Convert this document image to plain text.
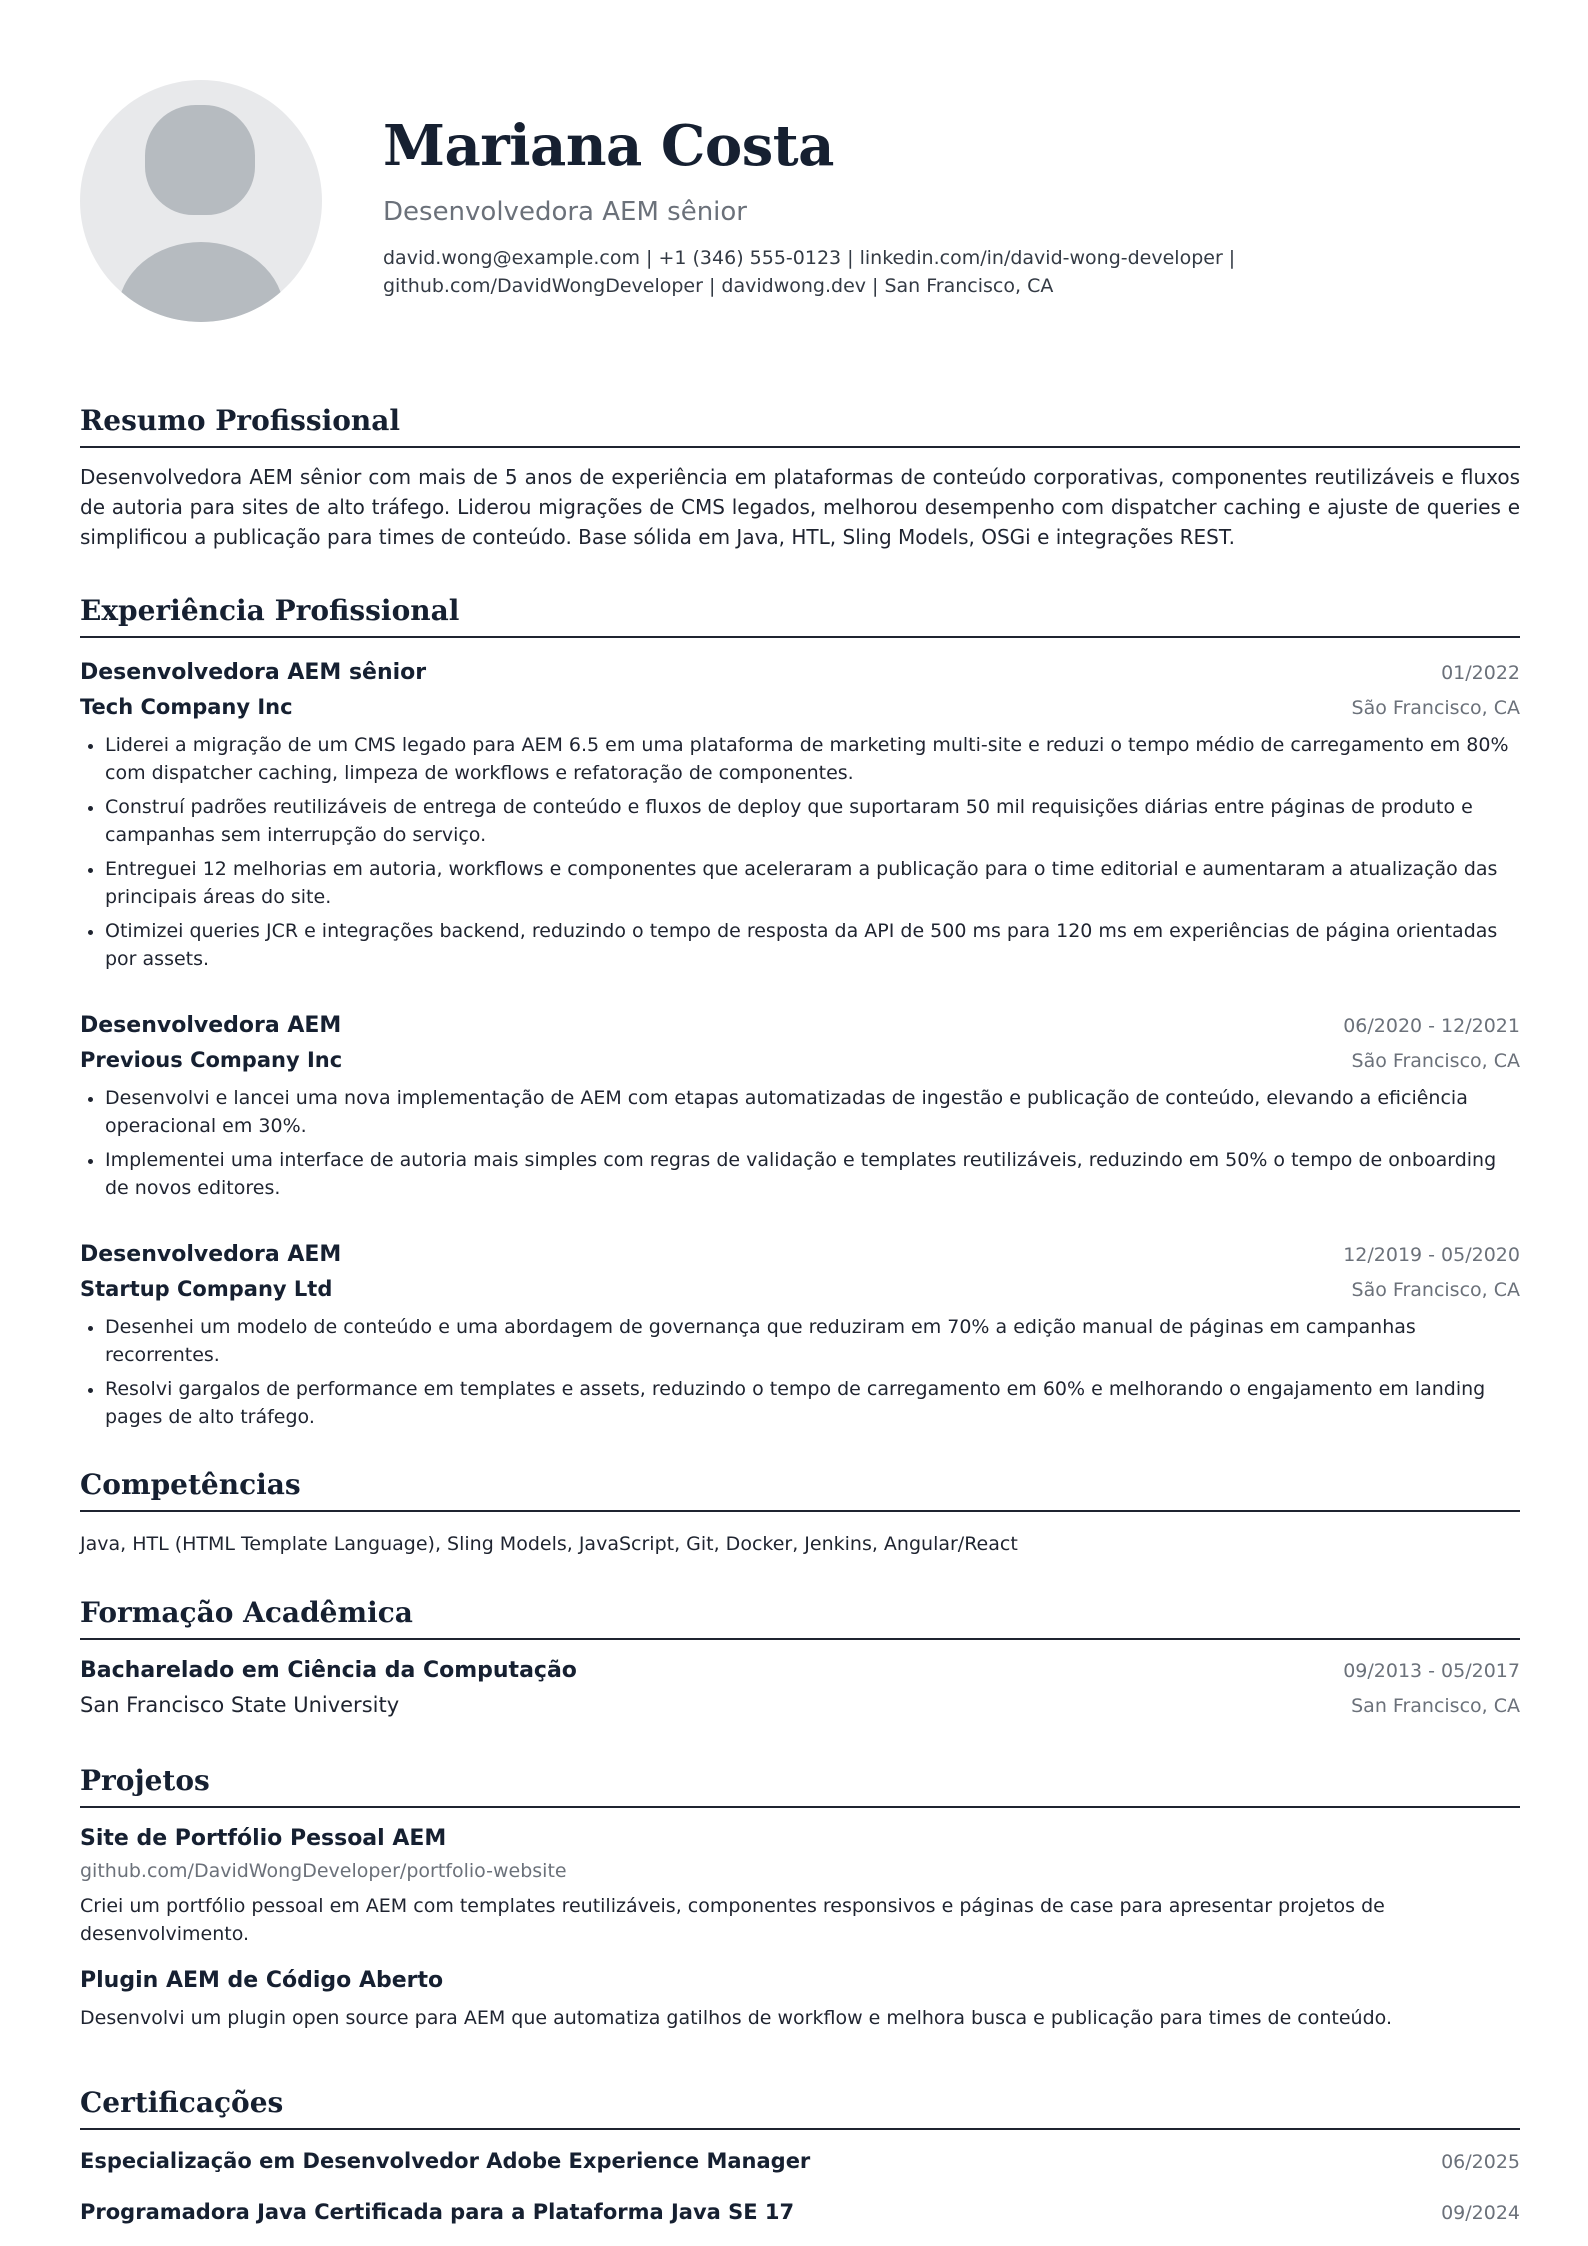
Mariana Costa
Desenvolvedora AEM sênior
david.wong@example.com | +1 (346) 555-0123 | linkedin.com/in/david-wong-developer |
github.com/DavidWongDeveloper | davidwong.dev | San Francisco, CA
Resumo Profissional

Desenvolvedora AEM sênior com mais de 5 anos de experiência em plataformas de conteúdo corporativas, componentes reutilizáveis e fluxos de autoria para sites de alto tráfego. Liderou migrações de CMS legados, melhorou desempenho com dispatcher caching e ajuste de queries e simplificou a publicação para times de conteúdo. Base sólida em Java, HTL, Sling Models, OSGi e integrações REST.

Experiência Profissional
Desenvolvedora AEM sênior	01/2022
Tech Company Inc	São Francisco, CA
Liderei a migração de um CMS legado para AEM 6.5 em uma plataforma de marketing multi-site e reduzi o tempo médio de carregamento em 80% com dispatcher caching, limpeza de workflows e refatoração de componentes.
Construí padrões reutilizáveis de entrega de conteúdo e fluxos de deploy que suportaram 50 mil requisições diárias entre páginas de produto e campanhas sem interrupção do serviço.
Entreguei 12 melhorias em autoria, workflows e componentes que aceleraram a publicação para o time editorial e aumentaram a atualização das principais áreas do site.
Otimizei queries JCR e integrações backend, reduzindo o tempo de resposta da API de 500 ms para 120 ms em experiências de página orientadas por assets.
Desenvolvedora AEM	06/2020 - 12/2021
Previous Company Inc	São Francisco, CA
Desenvolvi e lancei uma nova implementação de AEM com etapas automatizadas de ingestão e publicação de conteúdo, elevando a eficiência operacional em 30%.
Implementei uma interface de autoria mais simples com regras de validação e templates reutilizáveis, reduzindo em 50% o tempo de onboarding de novos editores.
Desenvolvedora AEM	12/2019 - 05/2020
Startup Company Ltd	São Francisco, CA
Desenhei um modelo de conteúdo e uma abordagem de governança que reduziram em 70% a edição manual de páginas em campanhas recorrentes.
Resolvi gargalos de performance em templates e assets, reduzindo o tempo de carregamento em 60% e melhorando o engajamento em landing pages de alto tráfego.
Competências
Java, HTL (HTML Template Language), Sling Models, JavaScript, Git, Docker, Jenkins, Angular/React
Formação Acadêmica
Bacharelado em Ciência da Computação	09/2013 - 05/2017
San Francisco State University	San Francisco, CA
Projetos
Site de Portfólio Pessoal AEM
github.com/DavidWongDeveloper/portfolio-website
Criei um portfólio pessoal em AEM com templates reutilizáveis, componentes responsivos e páginas de case para apresentar projetos de desenvolvimento.
Plugin AEM de Código Aberto
Desenvolvi um plugin open source para AEM que automatiza gatilhos de workflow e melhora busca e publicação para times de conteúdo.
Certificações
Especialização em Desenvolvedor Adobe Experience Manager	06/2025
Programadora Java Certificada para a Plataforma Java SE 17	09/2024
